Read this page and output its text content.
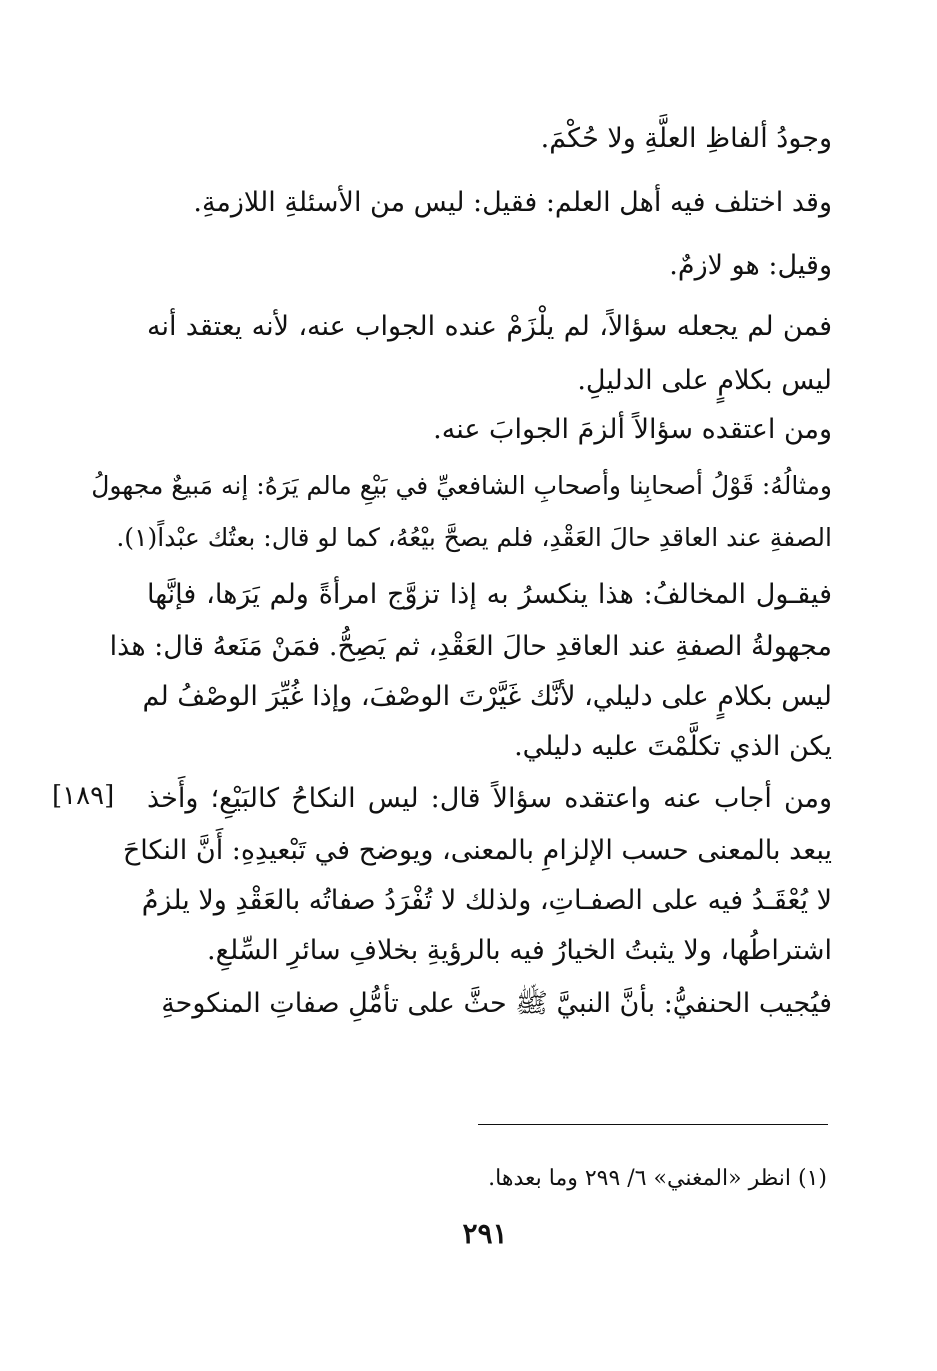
وجودُ ألفاظِ العلَّةِ ولا حُكْمَ.
وقد اختلف فيه أهل العلم: فقيل: ليس من الأسئلةِ اللازمةِ.
وقيل: هو لازمٌ.
فمن لم يجعله سؤالاً، لم يلْزَمْ عنده الجواب عنه، لأنه يعتقد أنه
ليس بكلامٍ على الدليلِ.
ومن اعتقده سؤالاً ألزمَ الجوابَ عنه.
ومثالُهُ: قَوْلُ أصحابِنا وأصحابِ الشافعيِّ في بَيْعِ مالم يَرَهُ: إنه مَبيعٌ مجهولُ
الصفةِ عند العاقدِ حالَ العَقْدِ، فلم يصحَّ بيْعُهُ، كما لو قال: بعتُك عبْداً(١).
فيقـول المخالفُ: هذا ينكسرُ به إذا تزوَّج امرأةً ولم يَرَها، فإنَّها
مجهولةُ الصفةِ عند العاقدِ حالَ العَقْدِ، ثم يَصِحُّ. فمَنْ مَنَعهُ قال: هذا
ليس بكلامٍ على دليلي، لأنَّك غَيَّرْتَ الوصْفَ، وإذا غُيِّرَ الوصْفُ لم
يكن الذي تكلَّمْتَ عليه دليلي.
ومن أجاب عنه واعتقده سؤالاً قال: ليس النكاحُ كالبَيْعِ؛ وأَخذ
يبعد بالمعنى حسب الإلزامِ بالمعنى، ويوضح في تَبْعيدِهِ: أَنَّ النكاحَ
لا يُعْقَـدُ فيه على الصفـاتِ، ولذلك لا تُفْرَدُ صفاتُه بالعَقْدِ ولا يلزمُ
اشتراطُها، ولا يثبتُ الخيارُ فيه بالرؤيةِ بخلافِ سائرِ السِّلعِ.
فيُجيب الحنفيُّ: بأنَّ النبيَّ ﷺ حثَّ على تأمُّلِ صفاتِ المنكوحةِ
[١٨٩]
(١) انظر «المغني» ٦/ ٢٩٩ وما بعدها.
٢٩١
